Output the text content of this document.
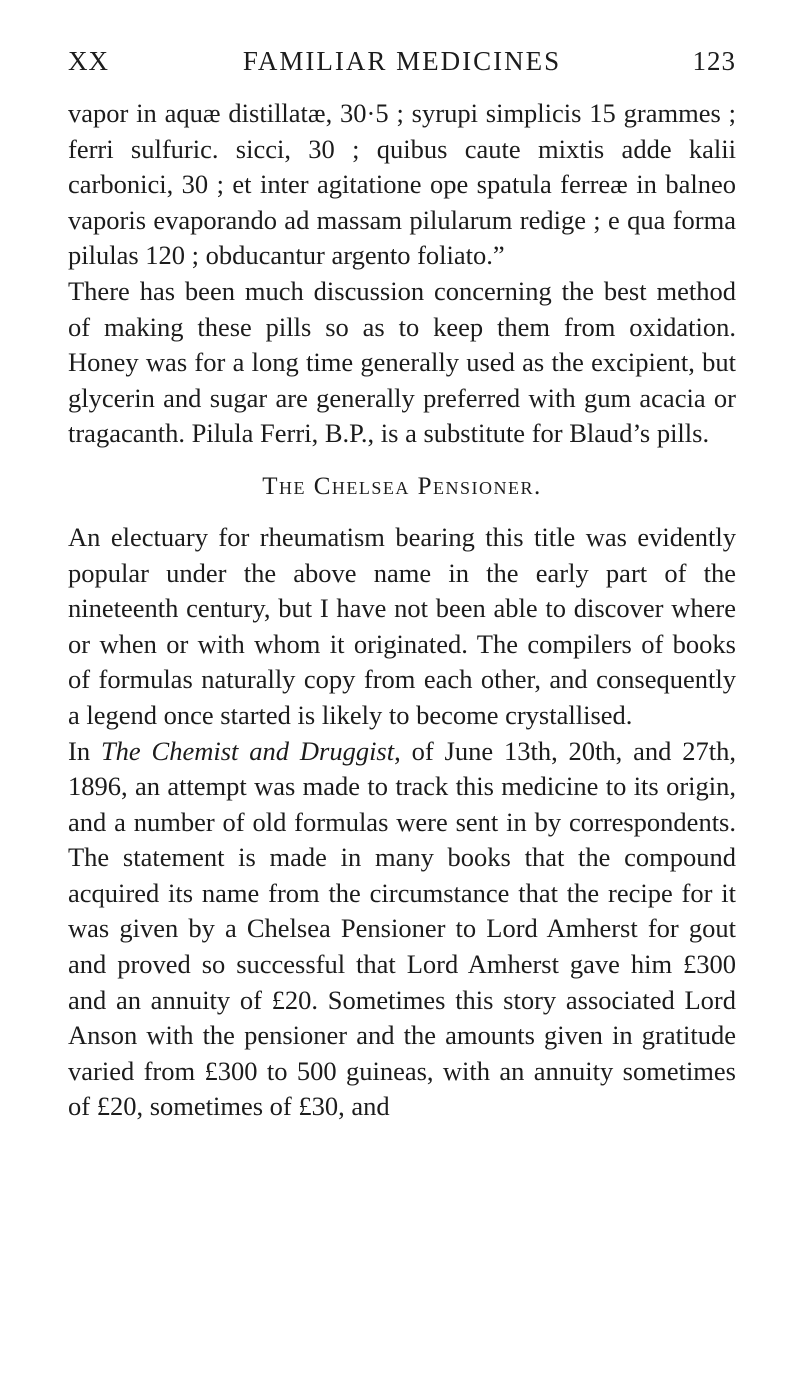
XX	FAMILIAR MEDICINES	123

vapor in aquæ distillatæ, 30·5 ; syrupi simplicis 15 grammes ; ferri sulfuric. sicci, 30 ; quibus caute mixtis adde kalii carbonici, 30 ; et inter agitatione ope spatula ferreæ in balneo vaporis evaporando ad massam pilularum redige ; e qua forma pilulas 120 ; obducantur argento foliato.”

There has been much discussion concerning the best method of making these pills so as to keep them from oxidation. Honey was for a long time generally used as the excipient, but glycerin and sugar are generally preferred with gum acacia or tragacanth. Pilula Ferri, B.P., is a substitute for Blaud’s pills.

The Chelsea Pensioner.

An electuary for rheumatism bearing this title was evidently popular under the above name in the early part of the nineteenth century, but I have not been able to discover where or when or with whom it originated. The compilers of books of formulas naturally copy from each other, and consequently a legend once started is likely to become crystallised.

In The Chemist and Druggist, of June 13th, 20th, and 27th, 1896, an attempt was made to track this medicine to its origin, and a number of old formulas were sent in by correspondents. The statement is made in many books that the compound acquired its name from the circumstance that the recipe for it was given by a Chelsea Pensioner to Lord Amherst for gout and proved so successful that Lord Amherst gave him £300 and an annuity of £20. Sometimes this story associated Lord Anson with the pensioner and the amounts given in gratitude varied from £300 to 500 guineas, with an annuity sometimes of £20, sometimes of £30, and
